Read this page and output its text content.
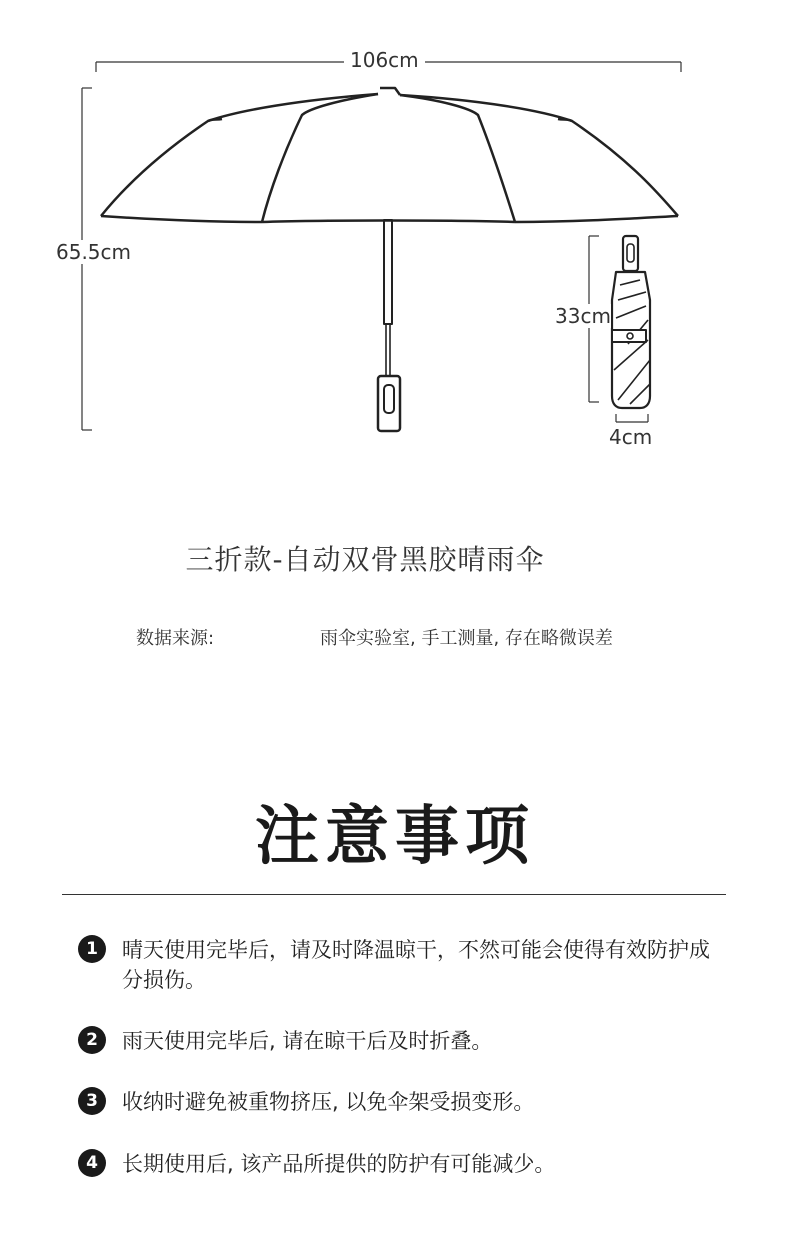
106cm
65.5cm
33cm
4cm
三折款-自动双骨黑胶晴雨伞
数据来源:	雨伞实验室, 手工测量, 存在略微误差
注意事项
1	晴天使用完毕后，请及时降温晾干，不然可能会使得有效防护成分损伤。
2	雨天使用完毕后, 请在晾干后及时折叠。
3	收纳时避免被重物挤压, 以免伞架受损变形。
4	长期使用后, 该产品所提供的防护有可能减少。
